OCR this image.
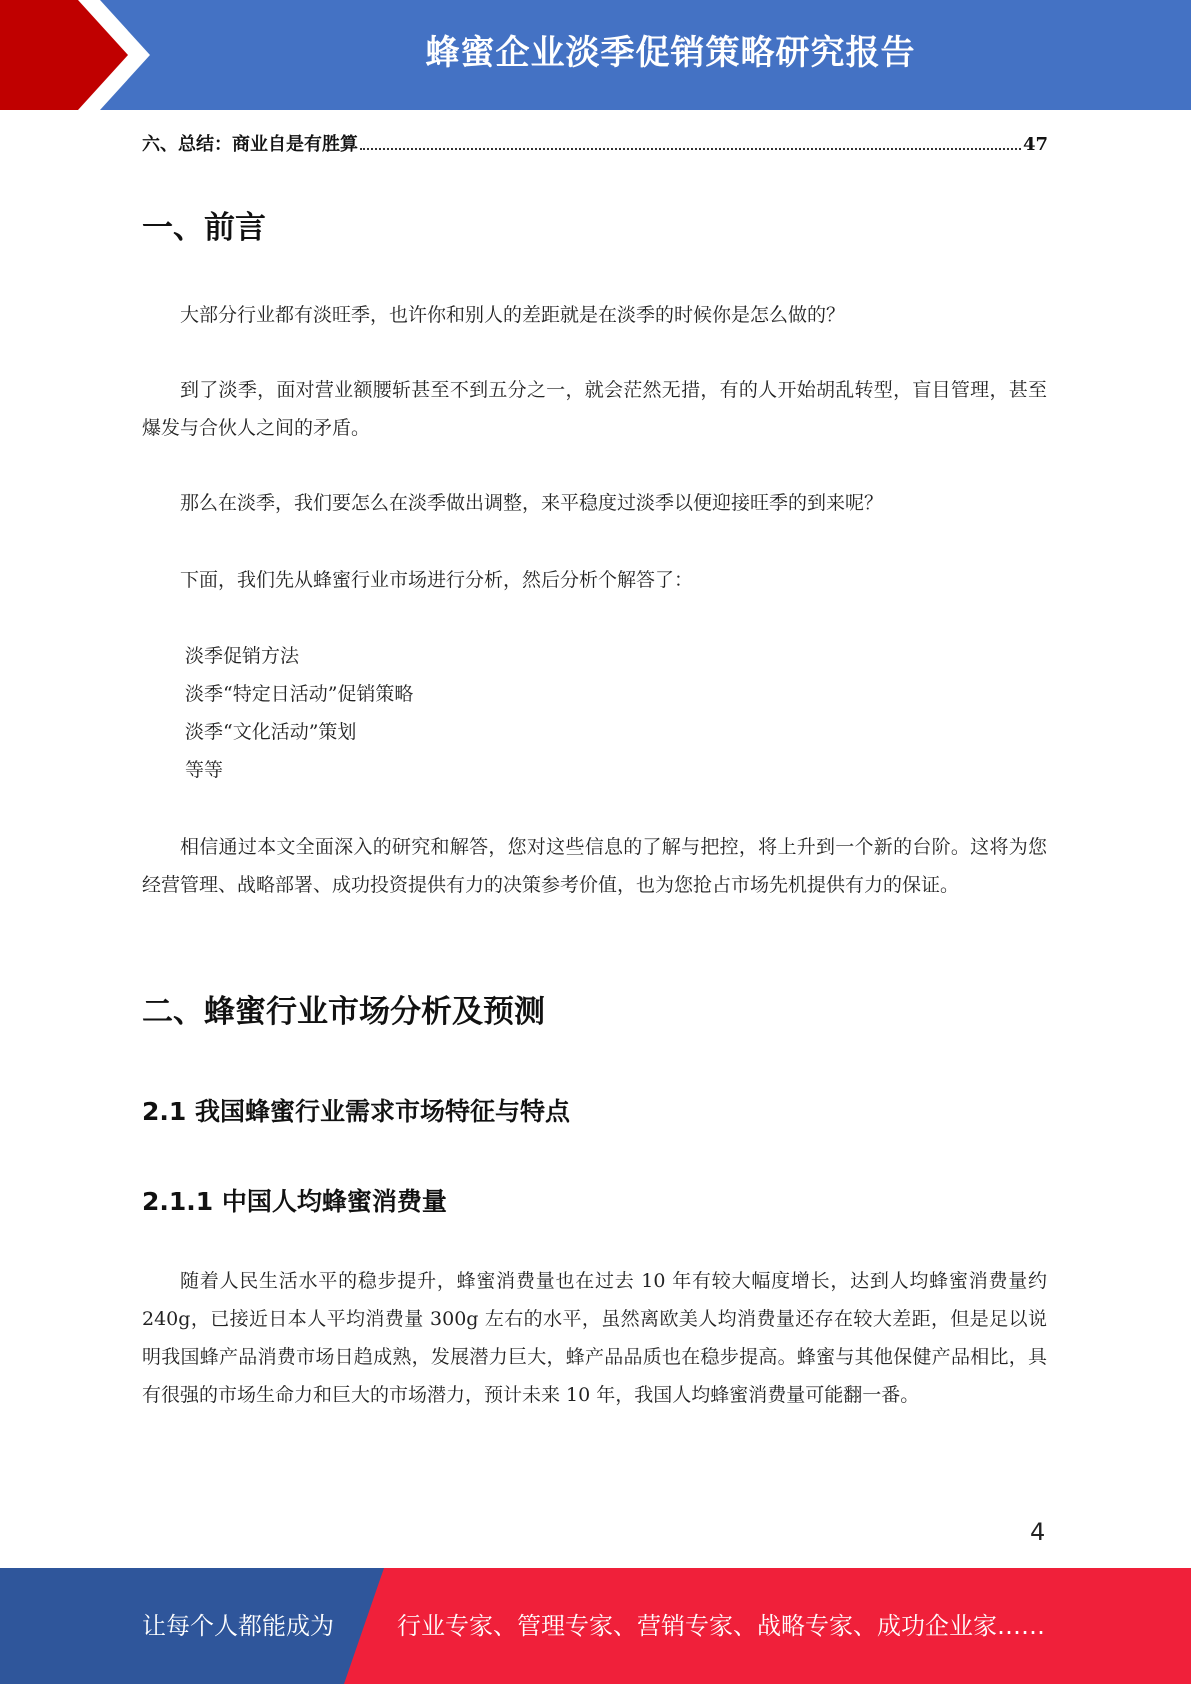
蜂蜜企业淡季促销策略研究报告
六、总结：商业自是有胜算	47
一、前言

大部分行业都有淡旺季，也许你和别人的差距就是在淡季的时候你是怎么做的？

到了淡季，面对营业额腰斩甚至不到五分之一，就会茫然无措，有的人开始胡乱转型，盲目管理，甚至爆发与合伙人之间的矛盾。

那么在淡季，我们要怎么在淡季做出调整，来平稳度过淡季以便迎接旺季的到来呢？

下面，我们先从蜂蜜行业市场进行分析，然后分析个解答了：

淡季促销方法
淡季“特定日活动”促销策略
淡季“文化活动”策划
等等

相信通过本文全面深入的研究和解答，您对这些信息的了解与把控，将上升到一个新的台阶。这将为您经营管理、战略部署、成功投资提供有力的决策参考价值，也为您抢占市场先机提供有力的保证。

二、蜂蜜行业市场分析及预测
2.1 我国蜂蜜行业需求市场特征与特点
2.1.1 中国人均蜂蜜消费量

随着人民生活水平的稳步提升，蜂蜜消费量也在过去 10 年有较大幅度增长，达到人均蜂蜜消费量约 240g，已接近日本人平均消费量 300g 左右的水平，虽然离欧美人均消费量还存在较大差距，但是足以说明我国蜂产品消费市场日趋成熟，发展潜力巨大，蜂产品品质也在稳步提高。蜂蜜与其他保健产品相比，具有很强的市场生命力和巨大的市场潜力，预计未来 10 年，我国人均蜂蜜消费量可能翻一番。

4
让每个人都能成为	行业专家、管理专家、营销专家、战略专家、成功企业家……
